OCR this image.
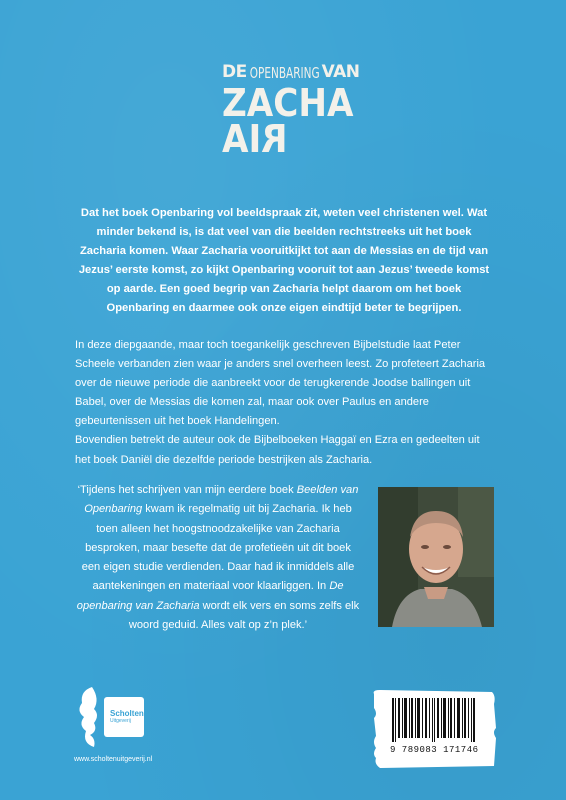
DE OPENBARING VAN
ZACHA
RIA

Dat het boek Openbaring vol beeldspraak zit, weten veel christenen wel. Wat minder bekend is, is dat veel van die beelden rechtstreeks uit het boek Zacharia komen. Waar Zacharia vooruitkijkt tot aan de Messias en de tijd van Jezus’ eerste komst, zo kijkt Openbaring vooruit tot aan Jezus’ tweede komst op aarde. Een goed begrip van Zacharia helpt daarom om het boek Openbaring en daarmee ook onze eigen eindtijd beter te begrijpen.

In deze diepgaande, maar toch toegankelijk geschreven Bijbelstudie laat Peter Scheele verbanden zien waar je anders snel overheen leest. Zo profeteert Zacharia over de nieuwe periode die aanbreekt voor de terugkerende Joodse ballingen uit Babel, over de Messias die komen zal, maar ook over Paulus en andere gebeurtenissen uit het boek Handelingen.

Bovendien betrekt de auteur ook de Bijbelboeken Haggaï en Ezra en gedeelten uit het boek Daniël die dezelfde periode bestrijken als Zacharia.

‘Tijdens het schrijven van mijn eerdere boek Beelden van Openbaring kwam ik regelmatig uit bij Zacharia. Ik heb toen alleen het hoogstnoodzakelijke van Zacharia besproken, maar besefte dat de profetieën uit dit boek een eigen studie verdienden. Daar had ik inmiddels alle aantekeningen en materiaal voor klaarliggen. In De openbaring van Zacharia wordt elk vers en soms zelfs elk woord geduid. Alles valt op z’n plek.’

Scholten
Uitgeverij
www.scholtenuitgeverij.nl
9 789083 171746
